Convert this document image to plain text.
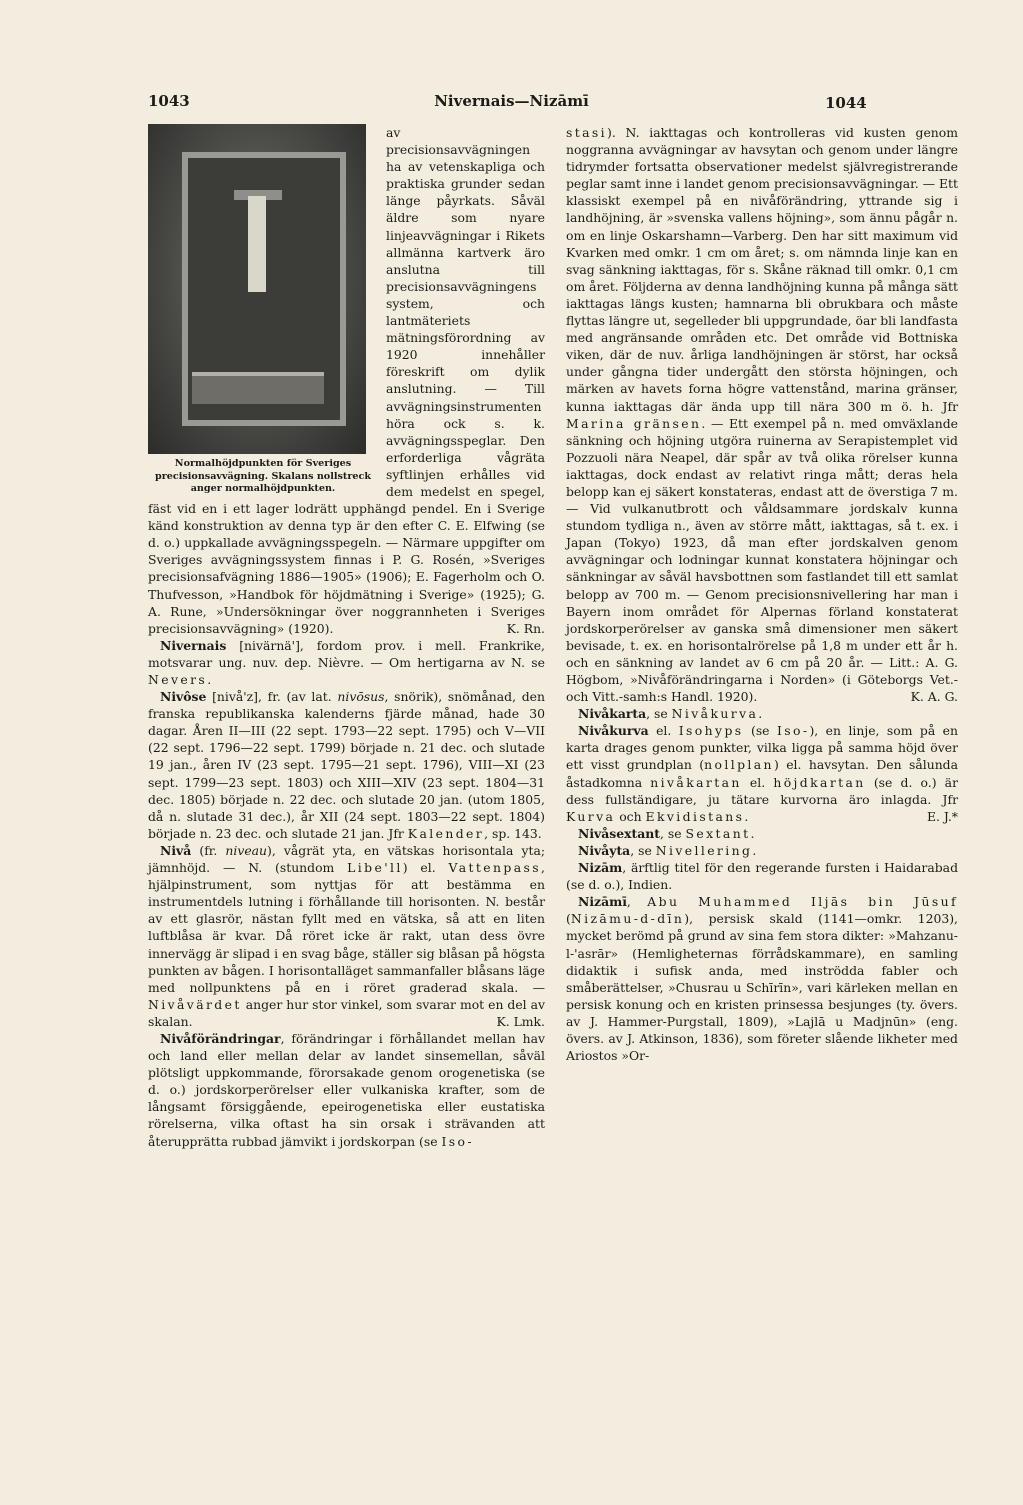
1043	Nivernais—Nizāmī	1044

Normalhöjdpunkten för Sveriges precisionsavvägning. Skalans nollstreck anger normalhöjdpunkten.
av precisionsavvägningen ha av vetenskapliga och praktiska grunder sedan länge påyrkats. Såväl äldre som nyare linjeavvägningar i Rikets allmänna kartverk äro anslutna till precisionsavvägningens system, och lantmäteriets mätningsförordning av 1920 innehåller föreskrift om dylik anslutning. — Till avvägningsinstrumenten höra ock s. k. avvägningsspeglar. Den erforderliga vågräta syftlinjen erhålles vid dem medelst en spegel, fäst vid en i ett lager lodrätt upphängd pendel. En i Sverige känd konstruktion av denna typ är den efter C. E. Elfwing (se d. o.) uppkallade avvägningsspegeln. — Närmare uppgifter om Sveriges avvägningssystem finnas i P. G. Rosén, »Sveriges precisionsafvägning 1886—1905» (1906); E. Fagerholm och O. Thufvesson, »Handbok för höjdmätning i Sverige» (1925); G. A. Rune, »Undersökningar över noggrannheten i Sveriges precisionsavvägning» (1920).	K. Rn.

Nivernais [nivärnä'], fordom prov. i mell. Frankrike, motsvarar ung. nuv. dep. Nièvre. — Om hertigarna av N. se Nevers.

Nivôse [nivå'z], fr. (av lat. nivōsus, snörik), snömånad, den franska republikanska kalenderns fjärde månad, hade 30 dagar. Åren II—III (22 sept. 1793—22 sept. 1795) och V—VII (22 sept. 1796—22 sept. 1799) började n. 21 dec. och slutade 19 jan., åren IV (23 sept. 1795—21 sept. 1796), VIII—XI (23 sept. 1799—23 sept. 1803) och XIII—XIV (23 sept. 1804—31 dec. 1805) började n. 22 dec. och slutade 20 jan. (utom 1805, då n. slutade 31 dec.), år XII (24 sept. 1803—22 sept. 1804) började n. 23 dec. och slutade 21 jan. Jfr Kalender, sp. 143.

Nivå (fr. niveau), vågrät yta, en vätskas horisontala yta; jämnhöjd. — N. (stundom Libe'll) el. Vattenpass, hjälpinstrument, som nyttjas för att bestämma en instrumentdels lutning i förhållande till horisonten. N. består av ett glasrör, nästan fyllt med en vätska, så att en liten luftblåsa är kvar. Då röret icke är rakt, utan dess övre innervägg är slipad i en svag båge, ställer sig blåsan på högsta punkten av bågen. I horisontalläget sammanfaller blåsans läge med nollpunktens på en i röret graderad skala. — Nivåvärdet anger hur stor vinkel, som svarar mot en del av skalan.	K. Lmk.

Nivåförändringar, förändringar i förhållandet mellan hav och land eller mellan delar av landet sinsemellan, såväl plötsligt uppkommande, förorsakade genom orogenetiska (se d. o.) jordskorperörelser eller vulkaniska krafter, som de långsamt försiggående, epeirogenetiska eller eustatiska rörelserna, vilka oftast ha sin orsak i strävanden att återupprätta rubbad jämvikt i jordskorpan (se Iso-

stasi). N. iakttagas och kontrolleras vid kusten genom noggranna avvägningar av havsytan och genom under längre tidrymder fortsatta observationer medelst självregistrerande peglar samt inne i landet genom precisionsavvägningar. — Ett klassiskt exempel på en nivåförändring, yttrande sig i landhöjning, är »svenska vallens höjning», som ännu pågår n. om en linje Oskarshamn—Varberg. Den har sitt maximum vid Kvarken med omkr. 1 cm om året; s. om nämnda linje kan en svag sänkning iakttagas, för s. Skåne räknad till omkr. 0,1 cm om året. Följderna av denna landhöjning kunna på många sätt iakttagas längs kusten; hamnarna bli obrukbara och måste flyttas längre ut, segelleder bli uppgrundade, öar bli landfasta med angränsande områden etc. Det område vid Bottniska viken, där de nuv. årliga landhöjningen är störst, har också under gångna tider undergått den största höjningen, och märken av havets forna högre vattenstånd, marina gränser, kunna iakttagas där ända upp till nära 300 m ö. h. Jfr Marina gränsen. — Ett exempel på n. med omväxlande sänkning och höjning utgöra ruinerna av Serapistemplet vid Pozzuoli nära Neapel, där spår av två olika rörelser kunna iakttagas, dock endast av relativt ringa mått; deras hela belopp kan ej säkert konstateras, endast att de överstiga 7 m. — Vid vulkanutbrott och våldsammare jordskalv kunna stundom tydliga n., även av större mått, iakttagas, så t. ex. i Japan (Tokyo) 1923, då man efter jordskalven genom avvägningar och lodningar kunnat konstatera höjningar och sänkningar av såväl havsbottnen som fastlandet till ett samlat belopp av 700 m. — Genom precisionsnivellering har man i Bayern inom området för Alpernas förland konstaterat jordskorperörelser av ganska små dimensioner men säkert bevisade, t. ex. en horisontalrörelse på 1,8 m under ett år h. och en sänkning av landet av 6 cm på 20 år. — Litt.: A. G. Högbom, »Nivåförändringarna i Norden» (i Göteborgs Vet.- och Vitt.-samh:s Handl. 1920).	K. A. G.

Nivåkarta, se Nivåkurva.

Nivåkurva el. Isohyps (se Iso-), en linje, som på en karta drages genom punkter, vilka ligga på samma höjd över ett visst grundplan (nollplan) el. havsytan. Den sålunda åstadkomna nivåkartan el. höjdkartan (se d. o.) är dess fullständigare, ju tätare kurvorna äro inlagda. Jfr Kurva och Ekvidistans.	E. J.*

Nivåsextant, se Sextant.

Nivåyta, se Nivellering.

Nizām, ärftlig titel för den regerande fursten i Haidarabad (se d. o.), Indien.

Nizāmī, Abu Muhammed Iljās bin Jūsuf (Nizāmu-d-dīn), persisk skald (1141—omkr. 1203), mycket berömd på grund av sina fem stora dikter: »Mahzanu-l-'asrār» (Hemligheternas förrådskammare), en samling didaktik i sufisk anda, med inströdda fabler och småberättelser, »Chusrau u Schīrīn», vari kärleken mellan en persisk konung och en kristen prinsessa besjunges (ty. övers. av J. Hammer-Purgstall, 1809), »Lajlā u Madjnūn» (eng. övers. av J. Atkinson, 1836), som företer slående likheter med Ariostos »Or-
